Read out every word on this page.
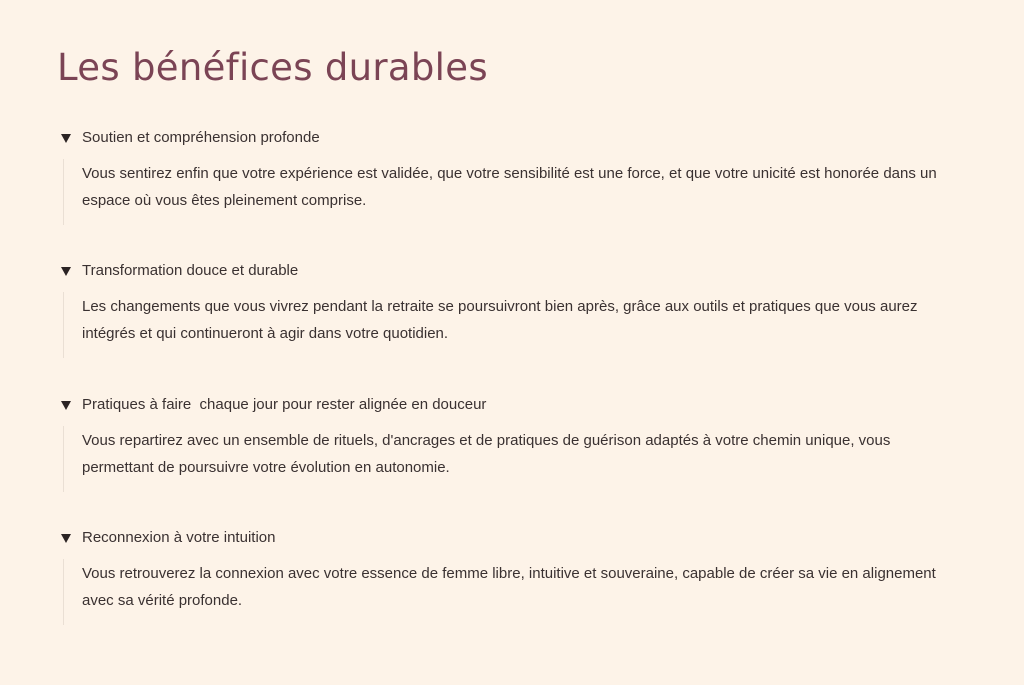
Les bénéfices durables
Soutien et compréhension profonde

Vous sentirez enfin que votre expérience est validée, que votre sensibilité est une force, et que votre unicité est honorée dans un espace où vous êtes pleinement comprise.

Transformation douce et durable

Les changements que vous vivrez pendant la retraite se poursuivront bien après, grâce aux outils et pratiques que vous aurez intégrés et qui continueront à agir dans votre quotidien.

Pratiques à faire  chaque jour pour rester alignée en douceur

Vous repartirez avec un ensemble de rituels, d'ancrages et de pratiques de guérison adaptés à votre chemin unique, vous permettant de poursuivre votre évolution en autonomie.

Reconnexion à votre intuition

Vous retrouverez la connexion avec votre essence de femme libre, intuitive et souveraine, capable de créer sa vie en alignement avec sa vérité profonde.
